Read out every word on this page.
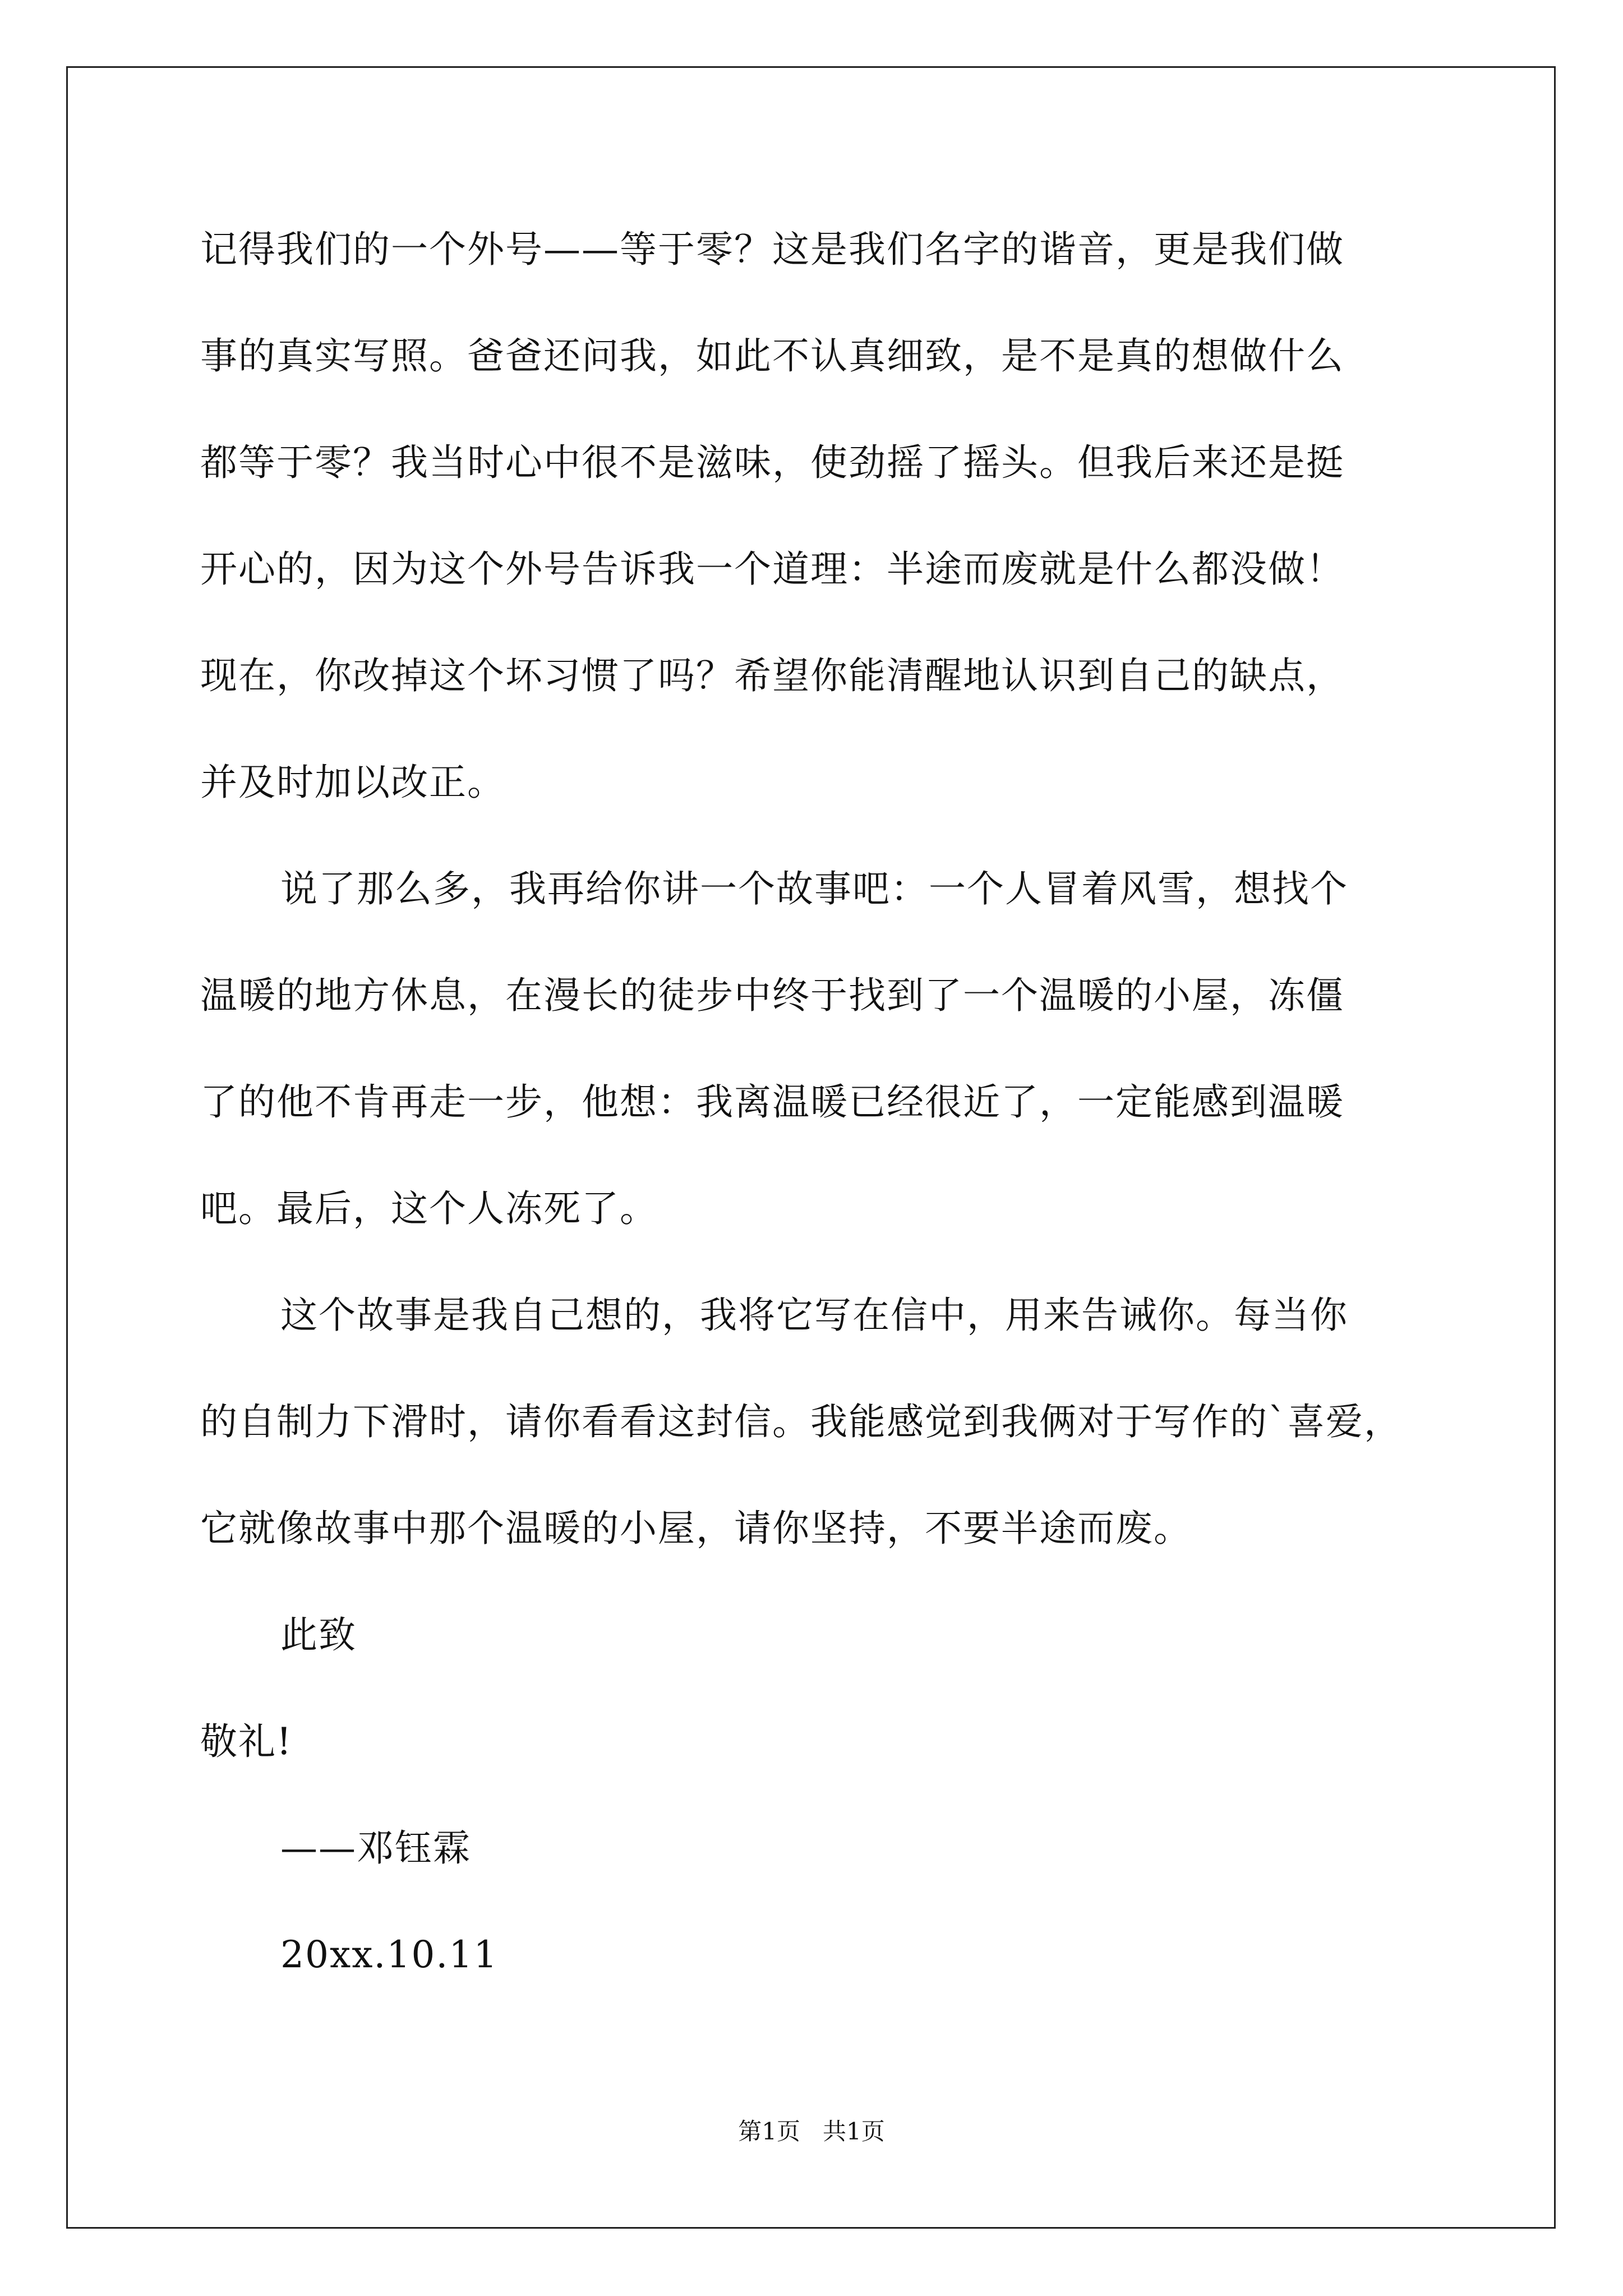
记得我们的一个外号——等于零？这是我们名字的谐音，更是我们做
事的真实写照。爸爸还问我，如此不认真细致，是不是真的想做什么
都等于零？我当时心中很不是滋味，使劲摇了摇头。但我后来还是挺
开心的，因为这个外号告诉我一个道理：半途而废就是什么都没做！
现在，你改掉这个坏习惯了吗？希望你能清醒地认识到自己的缺点，
并及时加以改正。
说了那么多，我再给你讲一个故事吧：一个人冒着风雪，想找个
温暖的地方休息，在漫长的徒步中终于找到了一个温暖的小屋，冻僵
了的他不肯再走一步，他想：我离温暖已经很近了，一定能感到温暖
吧。最后，这个人冻死了。
这个故事是我自己想的，我将它写在信中，用来告诫你。每当你
的自制力下滑时，请你看看这封信。我能感觉到我俩对于写作的`喜爱，
它就像故事中那个温暖的小屋，请你坚持，不要半途而废。
此致
敬礼!
——邓钰霖
20xx.10.11
第1页   共1页
